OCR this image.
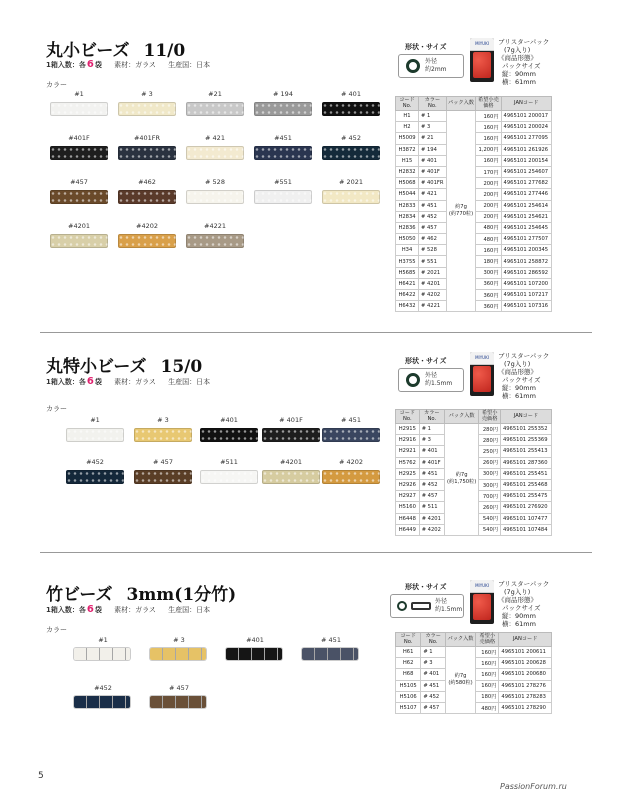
丸小ビーズ 11/0
1箱入数：各6袋 素材：ガラス 生産国：日本
カラー
#1	# 3	#21	# 194	# 401
#401F	#401FR	# 421	#451	# 452
#457	#462	# 528	#551	# 2021
#4201	#4202	#4221
形状・サイズ
外径
約2mm
MIYUKI	ブリスターパック
(7g入り)
《商品形態》
パックサイズ
縦：90mm
横：61mm
コード No.	カラー No.	パック入数	希望小売価格	JANコード
H1	# 1	約7g
(約770粒)	160円	4965101 200017
H2	# 3		160円	4965101 200024
H5009	# 21		160円	4965101 277095
H3872	# 194		1,200円	4965101 261926
H15	# 401		160円	4965101 200154
H2832	# 401F		170円	4965101 254607
H5068	# 401FR		200円	4965101 277682
H5044	# 421		200円	4965101 277446
H2833	# 451		200円	4965101 254614
H2834	# 452		200円	4965101 254621
H2836	# 457		480円	4965101 254645
H5050	# 462		480円	4965101 277507
H34	# 528		160円	4965101 200345
H3755	# 551		180円	4965101 258872
H5685	# 2021		300円	4965101 286592
H6421	# 4201		360円	4965101 107200
H6422	# 4202		360円	4965101 107217
H6432	# 4221		360円	4965101 107316
丸特小ビーズ 15/0
1箱入数：各6袋 素材：ガラス 生産国：日本
カラー
#1	# 3	#401	# 401F	# 451
#452	# 457	#511	#4201	# 4202
形状・サイズ
外径
約1.5mm
MIYUKI	ブリスターパック
(7g入り)
《商品形態》
パックサイズ
縦：90mm
横：61mm
コード No.	カラー No.	パック入数	希望小売価格	JANコード
H2915	# 1	約7g
(約1,750粒)	280円	4965101 255352
H2916	# 3		280円	4965101 255369
H2921	# 401		250円	4965101 255413
H5762	# 401F		260円	4965101 287360
H2925	# 451		300円	4965101 255451
H2926	# 452		300円	4965101 255468
H2927	# 457		700円	4965101 255475
H5160	# 511		260円	4965101 276920
H6448	# 4201		540円	4965101 107477
H6449	# 4202		540円	4965101 107484
竹ビーズ 3mm(1分竹)
1箱入数：各6袋 素材：ガラス 生産国：日本
カラー
#1	# 3	#401	# 451
#452	# 457
形状・サイズ
外径
約1.5mm
MIYUKI	ブリスターパック
(7g入り)
《商品形態》
パックサイズ
縦：90mm
横：61mm
コード No.	カラー No.	パック入数	希望小売価格	JANコード
H61	# 1	約7g
(約580粒)	160円	4965101 200611
H62	# 3		160円	4965101 200628
H68	# 401		160円	4965101 200680
H5105	# 451		160円	4965101 278276
H5106	# 452		180円	4965101 278283
H5107	# 457		480円	4965101 278290
5
PassionForum.ru
